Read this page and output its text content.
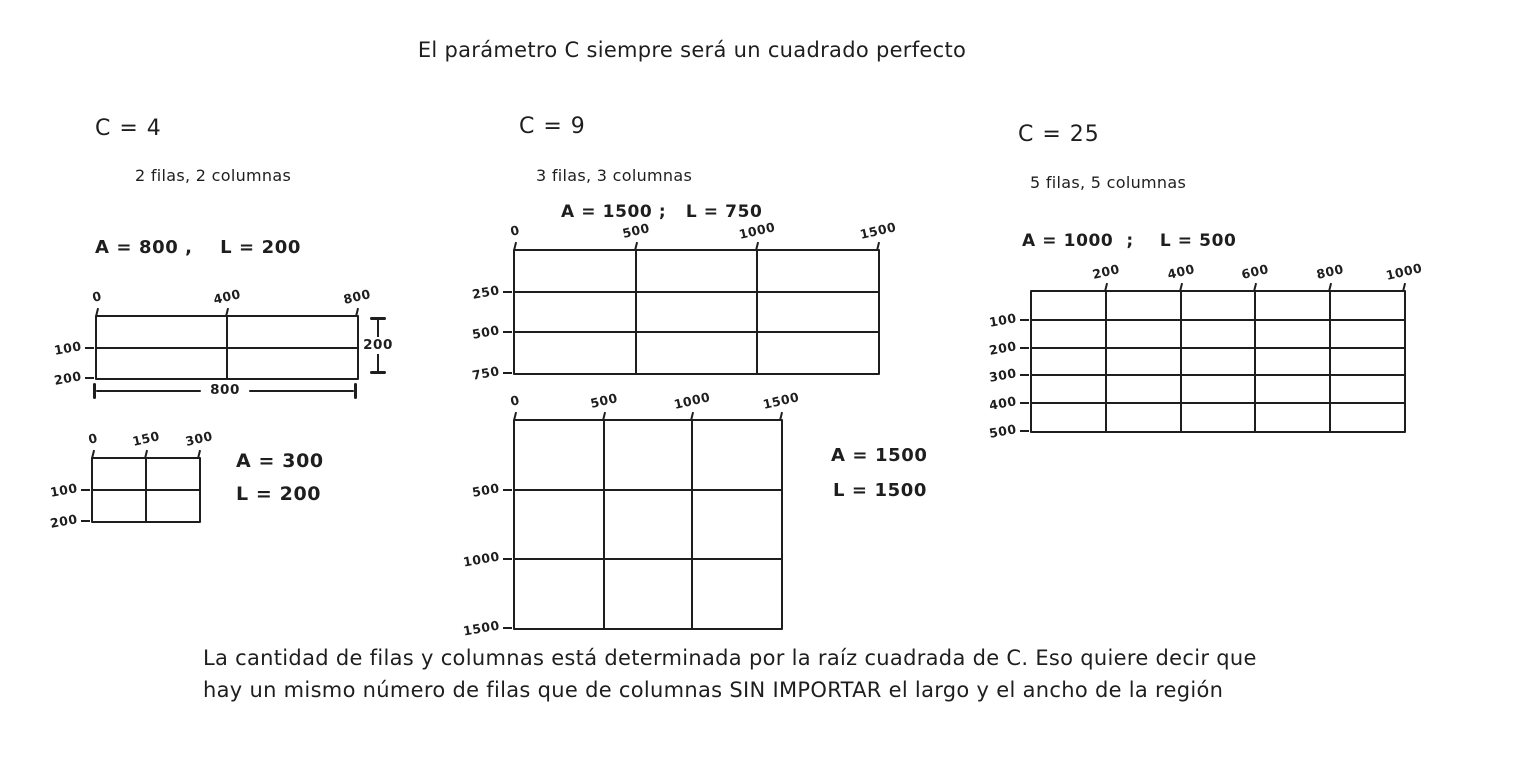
El parámetro C siempre será un cuadrado perfecto
C = 4
2 filas, 2 columnas
A = 800 ,    L = 200
0	400	800
100
200
200
800
0	150 300
100
200
A = 300
L = 200
C = 9
3 filas, 3 columnas
A = 1500 ;   L = 750
0	500	1000	1500
250
500
750
0	500	1000	1500
500
1000
1500
A = 1500
L = 1500
C = 25
5 filas, 5 columnas
A = 1000  ;    L = 500
200	400	600	800	1000
100
200
300
400
500
La cantidad de filas y columnas está determinada por la raíz cuadrada de C. Eso quiere decir que
hay un mismo número de filas que de columnas SIN IMPORTAR el largo y el ancho de la región
